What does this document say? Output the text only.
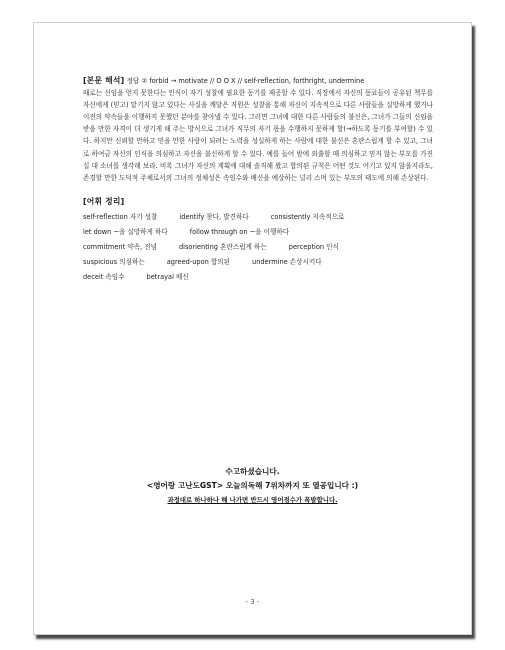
[본문 해석] 정답 ② forbid → motivate // O O X // self-reflection, forthright, undermine

때로는 신임을 얻지 못한다는 인식이 자기 성찰에 필요한 동기를 제공할 수 있다. 직장에서 자신의 동료들이 공유된 책무를 자신에게 (믿고) 맡기지 않고 있다는 사실을 깨달은 직원은 성찰을 통해 자신이 지속적으로 다른 사람들을 실망하게 했거나 이전의 약속들을 이행하지 못했던 분야를 찾아낼 수 있다. 그러면 그녀에 대한 다른 사람들의 불신은, 그녀가 그들의 신임을 받을 만한 자격이 더 생기게 해 주는 방식으로 그녀가 직무의 자기 몫을 수행하지 못하게 할(→하도록 동기를 부여할) 수 있다. 하지만 신뢰할 만하고 믿을 만한 사람이 되려는 노력을 성실하게 하는 사람에 대한 불신은 혼란스럽게 할 수 있고, 그녀로 하여금 자신의 인식을 의심하고 자신을 불신하게 할 수 있다. 예를 들어 밤에 외출할 때 의심하고 믿지 않는 부모를 가진 십 대 소녀를 생각해 보라. 비록 그녀가 자신의 계획에 대해 솔직해 왔고 합의된 규칙은 어떤 것도 어기고 있지 않을지라도, 존경할 만한 도덕적 주체로서의 그녀의 정체성은 속임수와 배신을 예상하는 널리 스며 있는 부모의 태도에 의해 손상된다.

[어휘 정리]
self-reflection 자기 성찰	identify 찾다, 발견하다	consistently 지속적으로
let down ~을 실망하게 하다	follow through on ~을 이행하다
commitment 약속, 전념	disorienting 혼란스럽게 하는	perception 인식
suspicious 의심하는	agreed-upon 합의된	undermine 손상시키다
deceit 속임수	betrayal 배신
수고하셨습니다.
<영어랑 고난도GST> 오늘의독해 7위차까지 또 열공입니다 :)
과정대로 하나하나 해 나가면 반드시 영어점수가 폭발합니다.
- 3 -
